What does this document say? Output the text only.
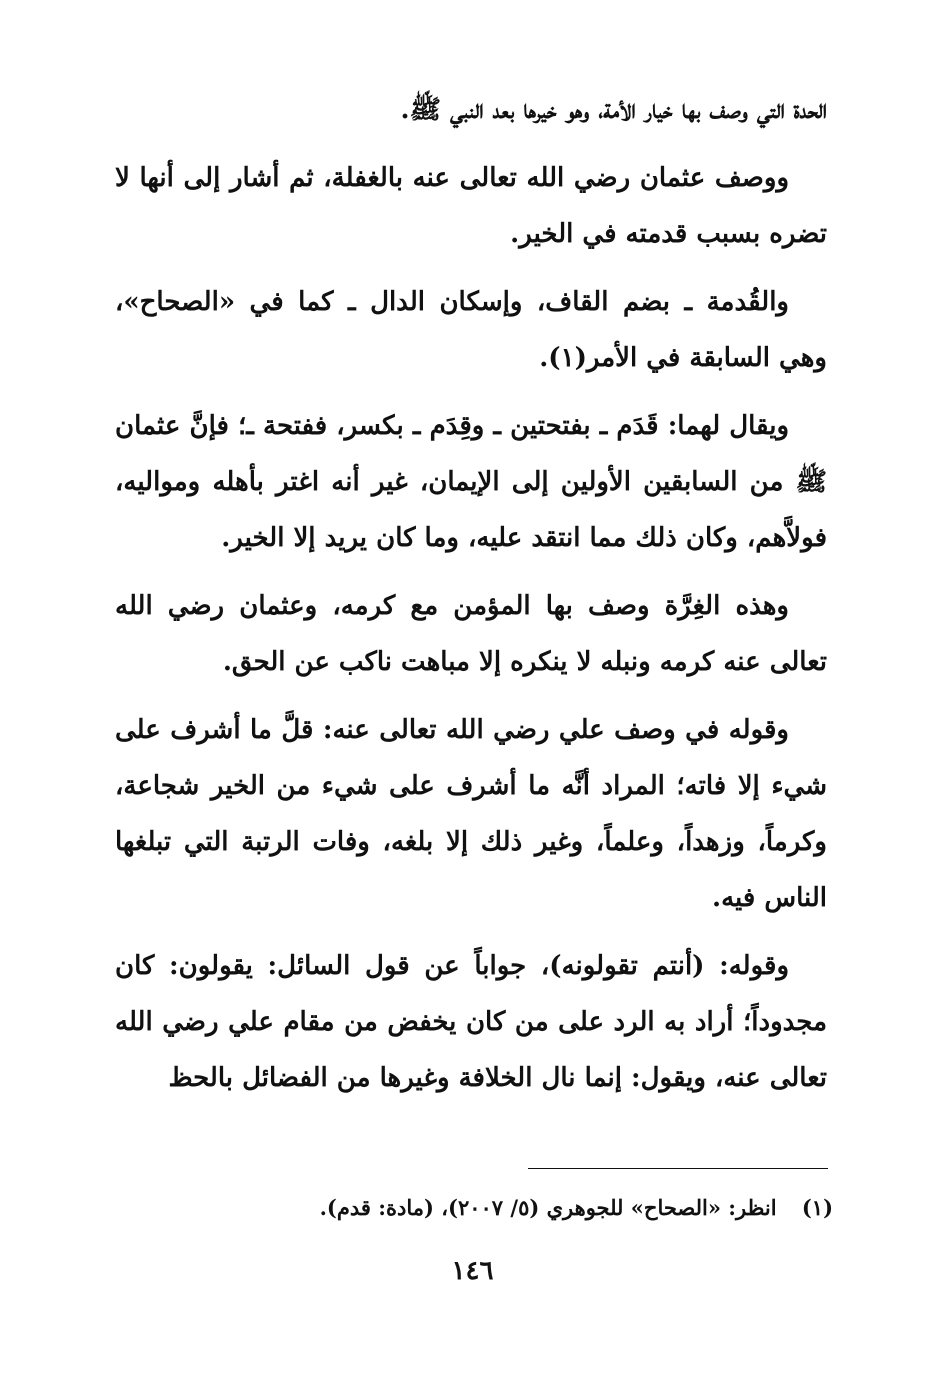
الحدة التي وصف بها خيار الأمة، وهو خيرها بعد النبي ﷺ.

ووصف عثمان رضي الله تعالى عنه بالغفلة، ثم أشار إلى أنها لا تضره بسبب قدمته في الخير.

والقُدمة ـ بضم القاف، وإسكان الدال ـ كما في «الصحاح»، وهي السابقة في الأمر(١).

ويقال لهما: قَدَم ـ بفتحتين ـ وقِدَم ـ بكسر، ففتحة ـ؛ فإنَّ عثمان ﷺ من السابقين الأولين إلى الإيمان، غير أنه اغتر بأهله ومواليه، فولاَّهم، وكان ذلك مما انتقد عليه، وما كان يريد إلا الخير.

وهذه الغِرَّة وصف بها المؤمن مع كرمه، وعثمان رضي الله تعالى عنه كرمه ونبله لا ينكره إلا مباهت ناكب عن الحق.

وقوله في وصف علي رضي الله تعالى عنه: قلَّ ما أشرف على شيء إلا فاته؛ المراد أنَّه ما أشرف على شيء من الخير شجاعة، وكرماً، وزهداً، وعلماً، وغير ذلك إلا بلغه، وفات الرتبة التي تبلغها الناس فيه.

وقوله: (أنتم تقولونه)، جواباً عن قول السائل: يقولون: كان مجدوداً؛ أراد به الرد على من كان يخفض من مقام علي رضي الله تعالى عنه، ويقول: إنما نال الخلافة وغيرها من الفضائل بالحظ

(١) انظر: «الصحاح» للجوهري (٥/ ٢٠٠٧)، (مادة: قدم).
١٤٦
